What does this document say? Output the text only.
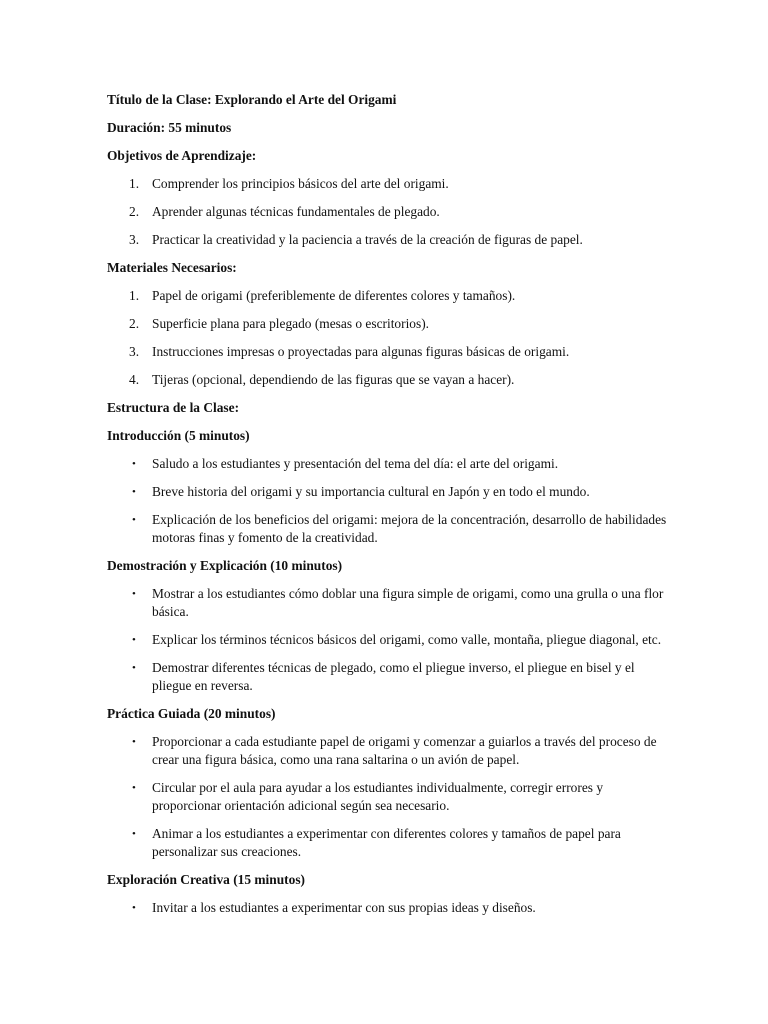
Título de la Clase: Explorando el Arte del Origami
Duración: 55 minutos
Objetivos de Aprendizaje:
1. Comprender los principios básicos del arte del origami.
2. Aprender algunas técnicas fundamentales de plegado.
3. Practicar la creatividad y la paciencia a través de la creación de figuras de papel.
Materiales Necesarios:
1. Papel de origami (preferiblemente de diferentes colores y tamaños).
2. Superficie plana para plegado (mesas o escritorios).
3. Instrucciones impresas o proyectadas para algunas figuras básicas de origami.
4. Tijeras (opcional, dependiendo de las figuras que se vayan a hacer).
Estructura de la Clase:
Introducción (5 minutos)
• Saludo a los estudiantes y presentación del tema del día: el arte del origami.
• Breve historia del origami y su importancia cultural en Japón y en todo el mundo.
• Explicación de los beneficios del origami: mejora de la concentración, desarrollo de habilidades motoras finas y fomento de la creatividad.
Demostración y Explicación (10 minutos)
• Mostrar a los estudiantes cómo doblar una figura simple de origami, como una grulla o una flor básica.
• Explicar los términos técnicos básicos del origami, como valle, montaña, pliegue diagonal, etc.
• Demostrar diferentes técnicas de plegado, como el pliegue inverso, el pliegue en bisel y el pliegue en reversa.
Práctica Guiada (20 minutos)
• Proporcionar a cada estudiante papel de origami y comenzar a guiarlos a través del proceso de crear una figura básica, como una rana saltarina o un avión de papel.
• Circular por el aula para ayudar a los estudiantes individualmente, corregir errores y proporcionar orientación adicional según sea necesario.
• Animar a los estudiantes a experimentar con diferentes colores y tamaños de papel para personalizar sus creaciones.
Exploración Creativa (15 minutos)
• Invitar a los estudiantes a experimentar con sus propias ideas y diseños.
